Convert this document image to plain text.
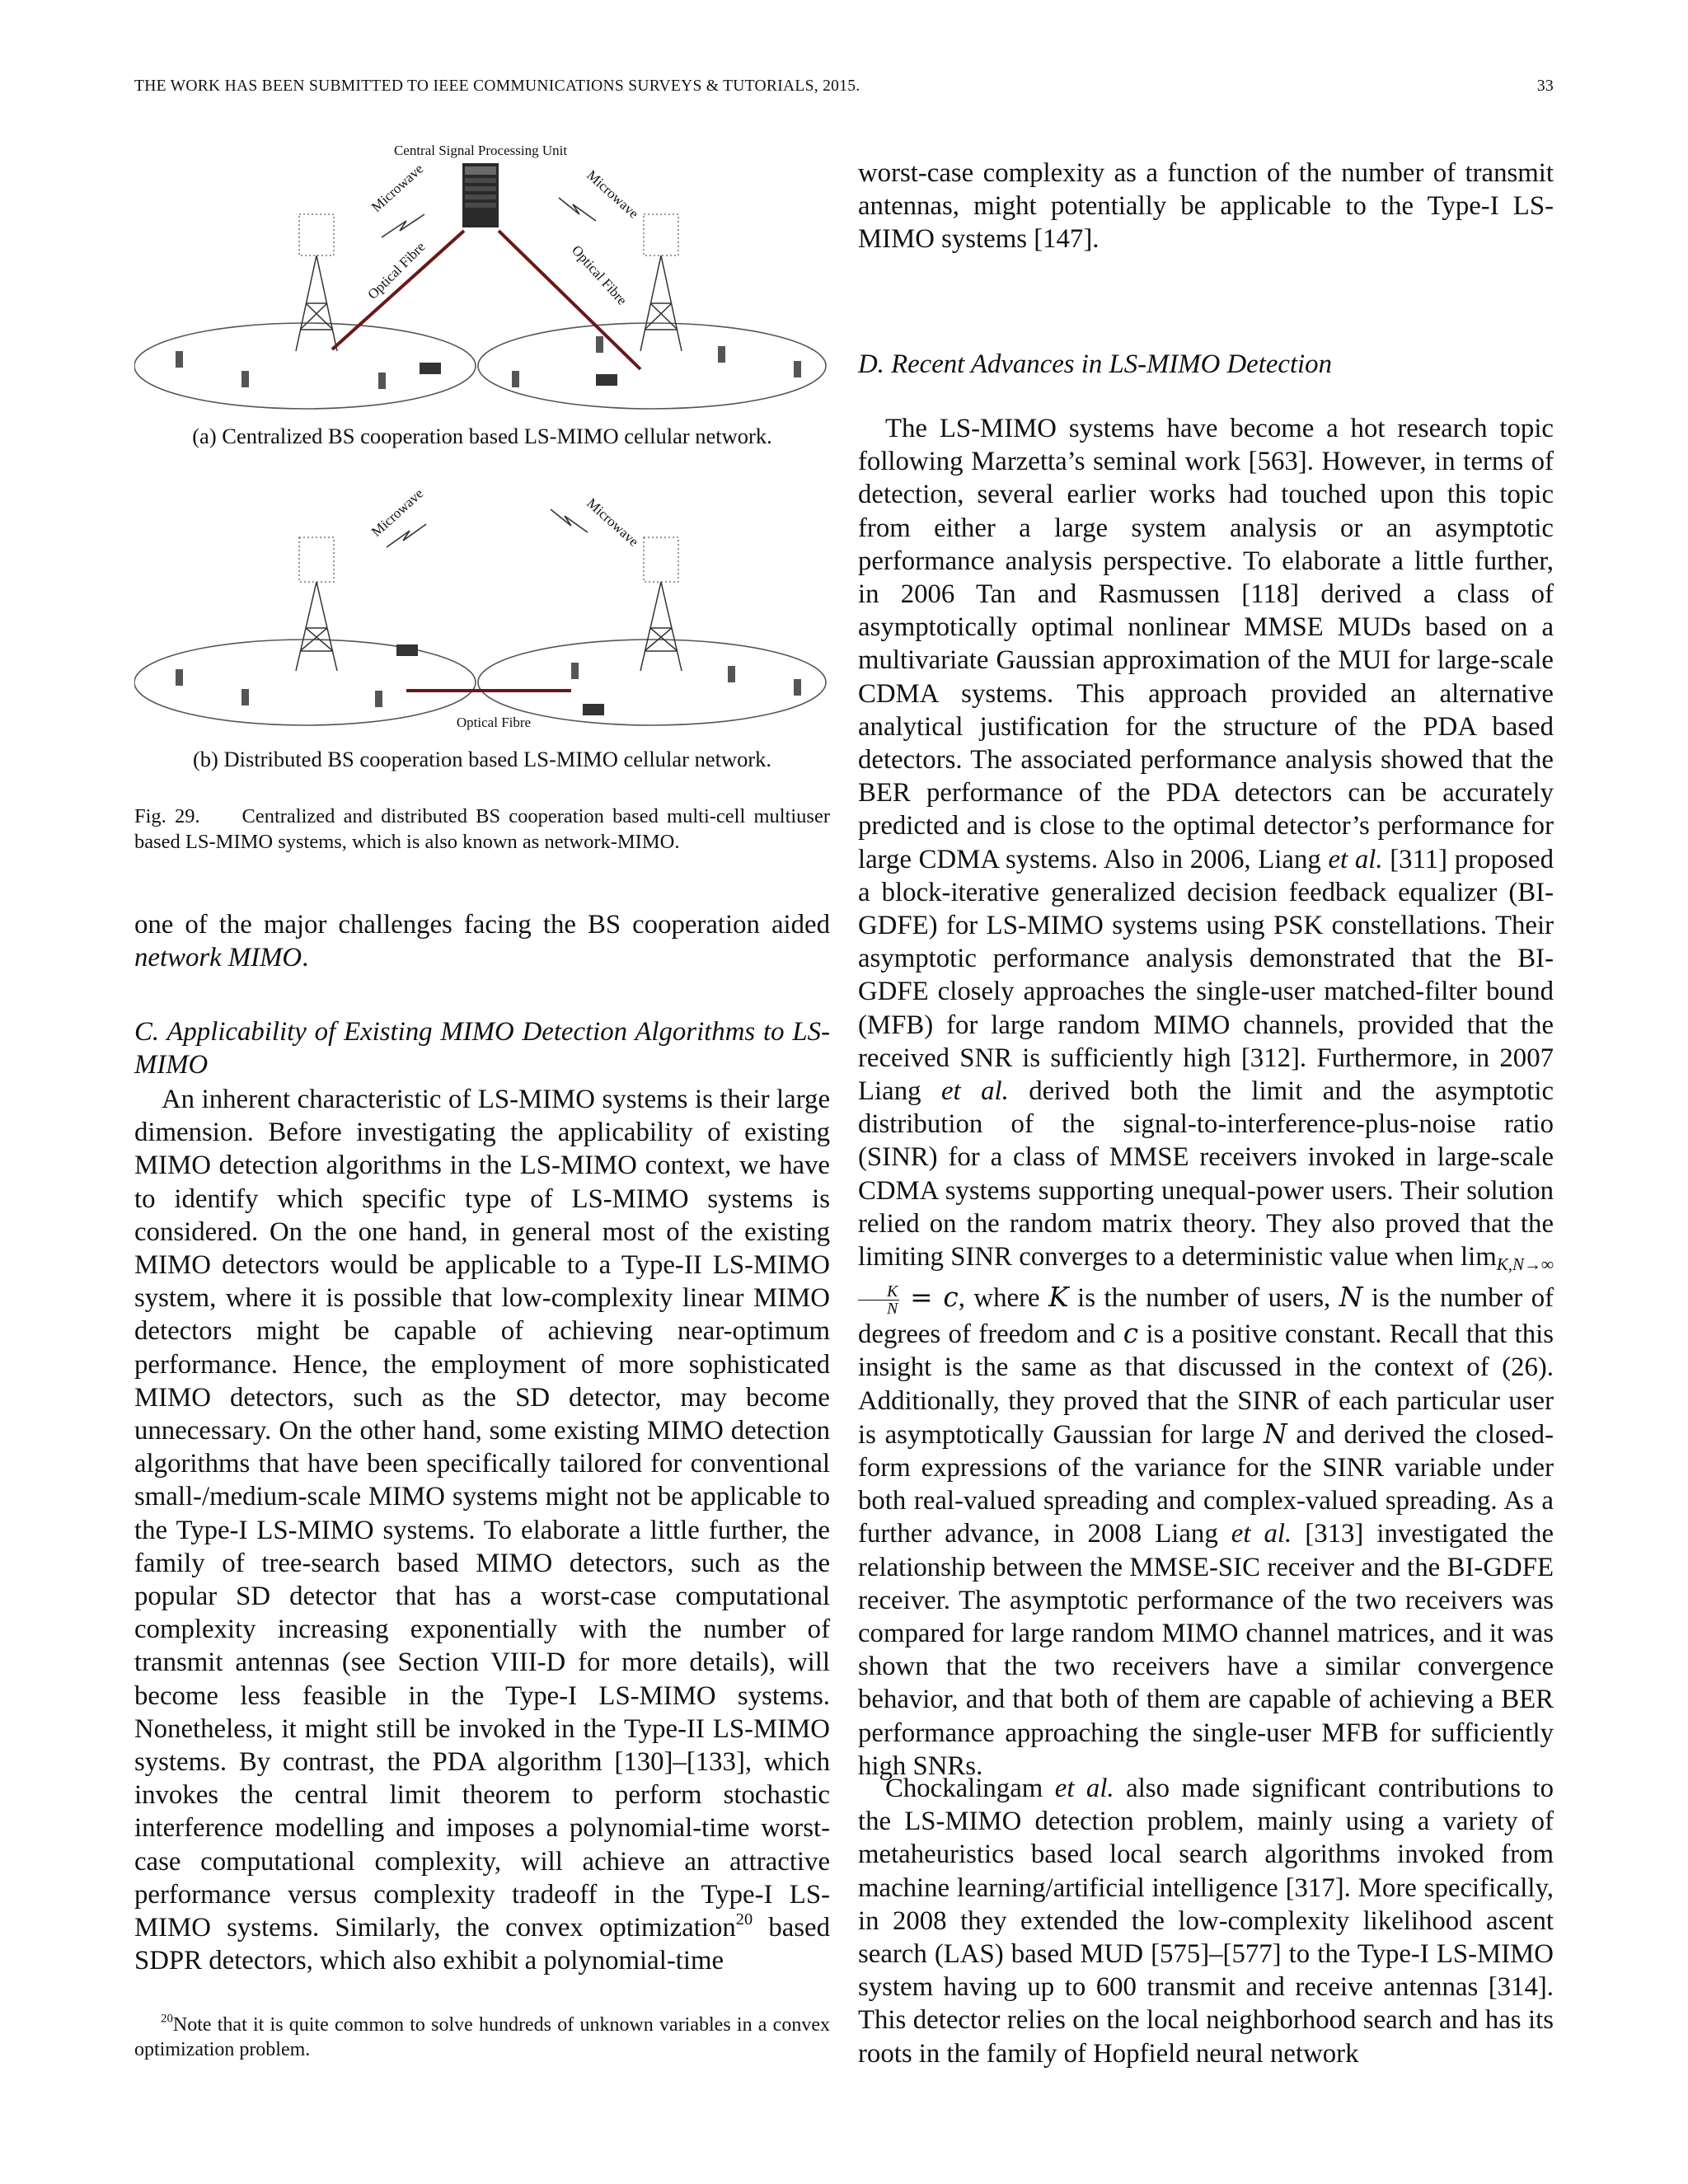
THE WORK HAS BEEN SUBMITTED TO IEEE COMMUNICATIONS SURVEYS & TUTORIALS, 2015.	33
Central Signal Processing Unit
Optical Fibre	Optical Fibre
Microwave	Microwave

(a) Centralized BS cooperation based LS-MIMO cellular network.

Optical Fibre
Microwave	Microwave

(b) Distributed BS cooperation based LS-MIMO cellular network.

Fig. 29. Centralized and distributed BS cooperation based multi-cell multiuser based LS-MIMO systems, which is also known as network-MIMO.

one of the major challenges facing the BS cooperation aided network MIMO.

C. Applicability of Existing MIMO Detection Algorithms to LS-MIMO

An inherent characteristic of LS-MIMO systems is their large dimension. Before investigating the applicability of existing MIMO detection algorithms in the LS-MIMO context, we have to identify which specific type of LS-MIMO systems is considered. On the one hand, in general most of the existing MIMO detectors would be applicable to a Type-II LS-MIMO system, where it is possible that low-complexity linear MIMO detectors might be capable of achieving near-optimum performance. Hence, the employment of more sophisticated MIMO detectors, such as the SD detector, may become unnecessary. On the other hand, some existing MIMO detection algorithms that have been specifically tailored for conventional small-/medium-scale MIMO systems might not be applicable to the Type-I LS-MIMO systems. To elaborate a little further, the family of tree-search based MIMO detectors, such as the popular SD detector that has a worst-case computational complexity increasing exponentially with the number of transmit antennas (see Section VIII-D for more details), will become less feasible in the Type-I LS-MIMO systems. Nonetheless, it might still be invoked in the Type-II LS-MIMO systems. By contrast, the PDA algorithm [130]–[133], which invokes the central limit theorem to perform stochastic interference modelling and imposes a polynomial-time worst-case computational complexity, will achieve an attractive performance versus complexity tradeoff in the Type-I LS-MIMO systems. Similarly, the convex optimization$^{20}$ based SDPR detectors, which also exhibit a polynomial-time

$^{20}$Note that it is quite common to solve hundreds of unknown variables in a convex optimization problem.

worst-case complexity as a function of the number of transmit antennas, might potentially be applicable to the Type-I LS-MIMO systems [147].

D. Recent Advances in LS-MIMO Detection

The LS-MIMO systems have become a hot research topic following Marzetta’s seminal work [563]. However, in terms of detection, several earlier works had touched upon this topic from either a large system analysis or an asymptotic performance analysis perspective. To elaborate a little further, in 2006 Tan and Rasmussen [118] derived a class of asymptotically optimal nonlinear MMSE MUDs based on a multivariate Gaussian approximation of the MUI for large-scale CDMA systems. This approach provided an alternative analytical justification for the structure of the PDA based detectors. The associated performance analysis showed that the BER performance of the PDA detectors can be accurately predicted and is close to the optimal detector’s performance for large CDMA systems. Also in 2006, Liang et al. [311] proposed a block-iterative generalized decision feedback equalizer (BI-GDFE) for LS-MIMO systems using PSK constellations. Their asymptotic performance analysis demonstrated that the BI-GDFE closely approaches the single-user matched-filter bound (MFB) for large random MIMO channels, provided that the received SNR is sufficiently high [312]. Furthermore, in 2007 Liang et al. derived both the limit and the asymptotic distribution of the signal-to-interference-plus-noise ratio (SINR) for a class of MMSE receivers invoked in large-scale CDMA systems supporting unequal-power users. Their solution relied on the random matrix theory. They also proved that the limiting SINR converges to a deterministic value when $\lim_{K,N\to\infty}$
$\frac{K}{N} = c$, where K is the number of users, N is the number of degrees of freedom and c is a positive constant. Recall that this insight is the same as that discussed in the context of (26). Additionally, they proved that the SINR of each particular user is asymptotically Gaussian for large N and derived the closed-form expressions of the variance for the SINR variable under both real-valued spreading and complex-valued spreading. As a further advance, in 2008 Liang et al. [313] investigated the relationship between the MMSE-SIC receiver and the BI-GDFE receiver. The asymptotic performance of the two receivers was compared for large random MIMO channel matrices, and it was shown that the two receivers have a similar convergence behavior, and that both of them are capable of achieving a BER performance approaching the single-user MFB for sufficiently high SNRs.

Chockalingam et al. also made significant contributions to the LS-MIMO detection problem, mainly using a variety of metaheuristics based local search algorithms invoked from machine learning/artificial intelligence [317]. More specifically, in 2008 they extended the low-complexity likelihood ascent search (LAS) based MUD [575]–[577] to the Type-I LS-MIMO system having up to 600 transmit and receive antennas [314]. This detector relies on the local neighborhood search and has its roots in the family of Hopfield neural network
